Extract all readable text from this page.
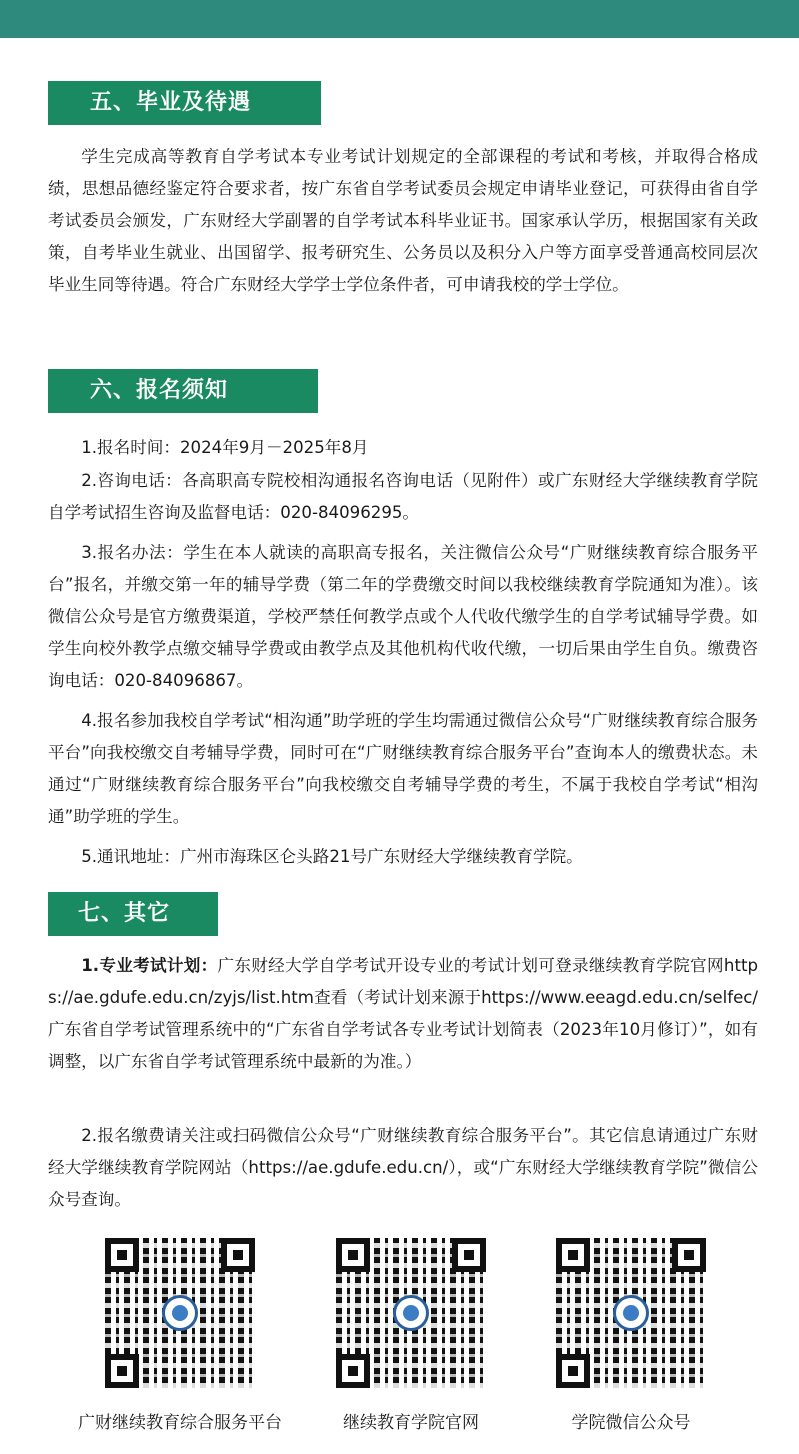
五、毕业及待遇

学生完成高等教育自学考试本专业考试计划规定的全部课程的考试和考核，并取得合格成绩，思想品德经鉴定符合要求者，按广东省自学考试委员会规定申请毕业登记，可获得由省自学考试委员会颁发，广东财经大学副署的自学考试本科毕业证书。国家承认学历，根据国家有关政策，自考毕业生就业、出国留学、报考研究生、公务员以及积分入户等方面享受普通高校同层次毕业生同等待遇。符合广东财经大学学士学位条件者，可申请我校的学士学位。

六、报名须知

1.报名时间：2024年9月－2025年8月

2.咨询电话：各高职高专院校相沟通报名咨询电话（见附件）或广东财经大学继续教育学院自学考试招生咨询及监督电话：020-84096295。

3.报名办法：学生在本人就读的高职高专报名，关注微信公众号“广财继续教育综合服务平台”报名，并缴交第一年的辅导学费（第二年的学费缴交时间以我校继续教育学院通知为准）。该微信公众号是官方缴费渠道，学校严禁任何教学点或个人代收代缴学生的自学考试辅导学费。如学生向校外教学点缴交辅导学费或由教学点及其他机构代收代缴，一切后果由学生自负。缴费咨询电话：020-84096867。

4.报名参加我校自学考试“相沟通”助学班的学生均需通过微信公众号“广财继续教育综合服务平台”向我校缴交自考辅导学费，同时可在“广财继续教育综合服务平台”查询本人的缴费状态。未通过“广财继续教育综合服务平台”向我校缴交自考辅导学费的考生，不属于我校自学考试“相沟通”助学班的学生。

5.通讯地址：广州市海珠区仑头路21号广东财经大学继续教育学院。

七、其它

1.专业考试计划：广东财经大学自学考试开设专业的考试计划可登录继续教育学院官网https://ae.gdufe.edu.cn/zyjs/list.htm查看（考试计划来源于https://www.eeagd.edu.cn/selfec/广东省自学考试管理系统中的“广东省自学考试各专业考试计划简表（2023年10月修订）”，如有调整，以广东省自学考试管理系统中最新的为准。）

2.报名缴费请关注或扫码微信公众号“广财继续教育综合服务平台”。其它信息请通过广东财经大学继续教育学院网站（https://ae.gdufe.edu.cn/），或“广东财经大学继续教育学院”微信公众号查询。

广财继续教育综合服务平台	继续教育学院官网	学院微信公众号
